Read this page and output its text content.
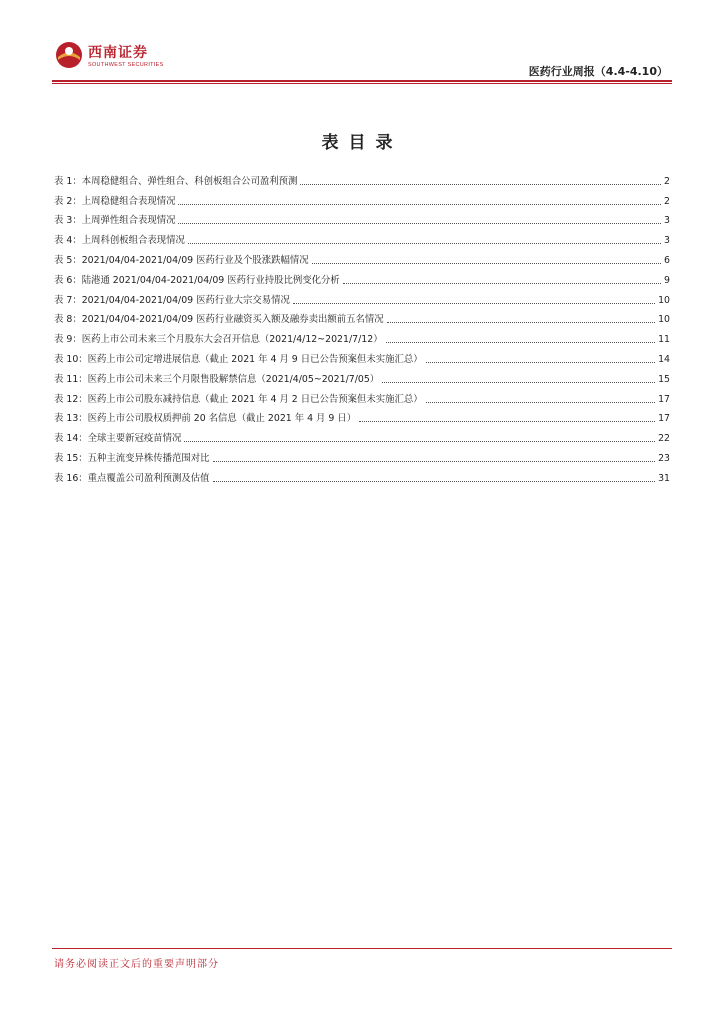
西南证券
SOUTHWEST SECURITIES	医药行业周报（4.4-4.10）
表目录
表 1：本周稳健组合、弹性组合、科创板组合公司盈利预测	2
表 2：上周稳健组合表现情况	2
表 3：上周弹性组合表现情况	3
表 4：上周科创板组合表现情况	3
表 5：2021/04/04-2021/04/09 医药行业及个股涨跌幅情况	6
表 6：陆港通 2021/04/04-2021/04/09 医药行业持股比例变化分析	9
表 7：2021/04/04-2021/04/09 医药行业大宗交易情况	10
表 8：2021/04/04-2021/04/09 医药行业融资买入额及融券卖出额前五名情况	10
表 9：医药上市公司未来三个月股东大会召开信息（2021/4/12~2021/7/12）	11
表 10：医药上市公司定增进展信息（截止 2021 年 4 月 9 日已公告预案但未实施汇总）	14
表 11：医药上市公司未来三个月限售股解禁信息（2021/4/05~2021/7/05）	15
表 12：医药上市公司股东减持信息（截止 2021 年 4 月 2 日已公告预案但未实施汇总）	17
表 13：医药上市公司股权质押前 20 名信息（截止 2021 年 4 月 9 日）	17
表 14：全球主要新冠疫苗情况	22
表 15：五种主流变异株传播范围对比	23
表 16：重点覆盖公司盈利预测及估值	31
请务必阅读正文后的重要声明部分
